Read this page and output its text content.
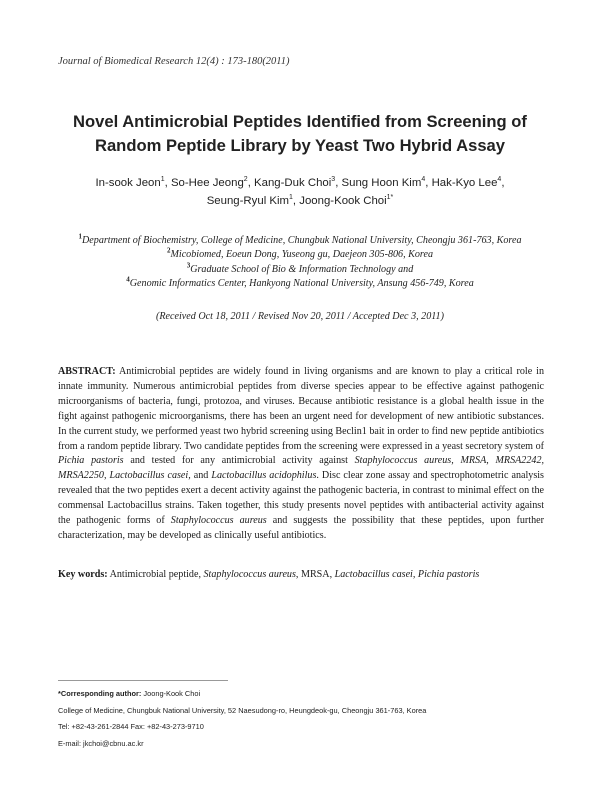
Journal of Biomedical Research 12(4) : 173-180(2011)
Novel Antimicrobial Peptides Identified from Screening of
Random Peptide Library by Yeast Two Hybrid Assay
In-sook Jeon$^1$, So-Hee Jeong$^2$, Kang-Duk Choi$^3$, Sung Hoon Kim$^4$, Hak-Kyo Lee$^4$,
Seung-Ryul Kim$^1$, Joong-Kook Choi$^{1*}$
$^1$Department of Biochemistry, College of Medicine, Chungbuk National University, Cheongju 361-763, Korea
$^2$Micobiomed, Eoeun Dong, Yuseong gu, Daejeon 305-806, Korea
$^3$Graduate School of Bio & Information Technology and
$^4$Genomic Informatics Center, Hankyong National University, Ansung 456-749, Korea
(Received Oct 18, 2011 / Revised Nov 20, 2011 / Accepted Dec 3, 2011)
ABSTRACT: Antimicrobial peptides are widely found in living organisms and are known to play a critical role in innate immunity. Numerous antimicrobial peptides from diverse species appear to be effective against pathogenic microorganisms of bacteria, fungi, protozoa, and viruses. Because antibiotic resistance is a global health issue in the fight against pathogenic microorganisms, there has been an urgent need for development of new antibiotic substances. In the current study, we performed yeast two hybrid screening using Beclin1 bait in order to find new peptide antibiotics from a random peptide library. Two candidate peptides from the screening were expressed in a yeast secretory system of Pichia pastoris and tested for any antimicrobial activity against Staphylococcus aureus, MRSA, MRSA2242, MRSA2250, Lactobacillus casei, and Lactobacillus acidophilus. Disc clear zone assay and spectrophotometric analysis revealed that the two peptides exert a decent activity against the pathogenic bacteria, in contrast to minimal effect on the commensal Lactobacillus strains. Taken together, this study presents novel peptides with antibacterial activity against the pathogenic forms of Staphylococcus aureus and suggests the possibility that these peptides, upon further characterization, may be developed as clinically useful antibiotics.
Key words: Antimicrobial peptide, Staphylococcus aureus, MRSA, Lactobacillus casei, Pichia pastoris
*Corresponding author: Joong-Kook Choi
College of Medicine, Chungbuk National University, 52 Naesudong-ro, Heungdeok-gu, Cheongju 361-763, Korea
Tel: +82-43-261-2844 Fax: +82-43-273-9710
E-mail: jkchoi@cbnu.ac.kr
